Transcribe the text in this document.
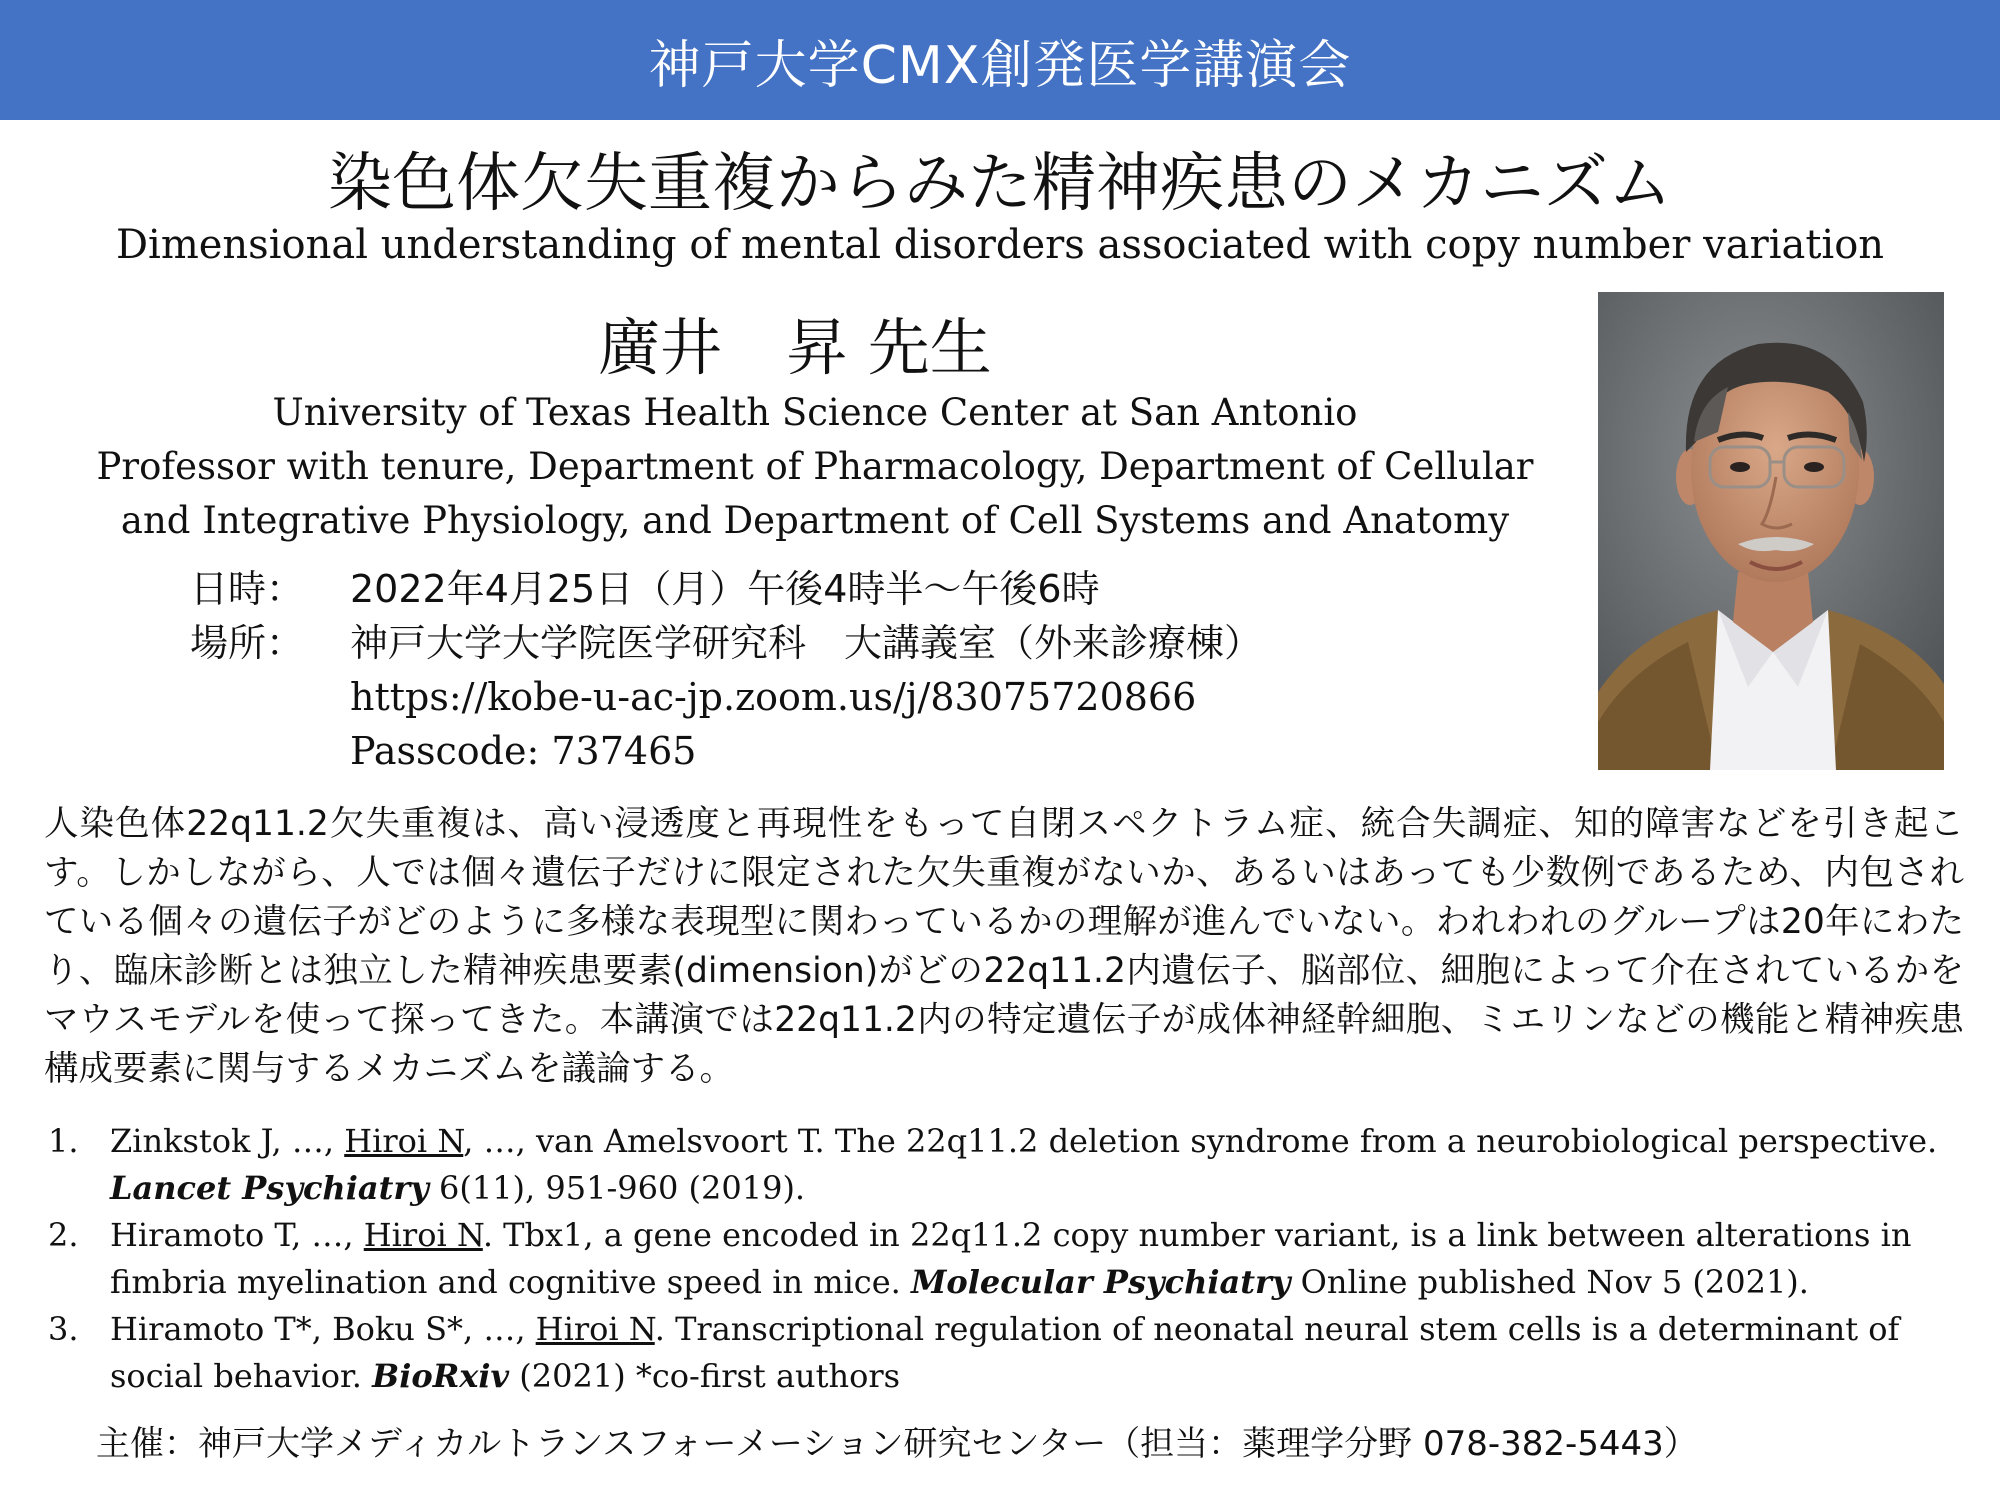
神戸大学CMX創発医学講演会
染色体欠失重複からみた精神疾患のメカニズム
Dimensional understanding of mental disorders associated with copy number variation
廣井 昇 先生
University of Texas Health Science Center at San Antonio
Professor with tenure, Department of Pharmacology, Department of Cellular
and Integrative Physiology, and Department of Cell Systems and Anatomy
日時：	2022年4月25日（月）午後4時半～午後6時
場所：	神戸大学大学院医学研究科　大講義室（外来診療棟）
https://kobe-u-ac-jp.zoom.us/j/83075720866
Passcode: 737465
人染色体22q11.2欠失重複は、高い浸透度と再現性をもって自閉スペクトラム症、統合失調症、知的障害などを引き起こす。しかしながら、人では個々遺伝子だけに限定された欠失重複がないか、あるいはあっても少数例であるため、内包されている個々の遺伝子がどのように多様な表現型に関わっているかの理解が進んでいない。われわれのグループは20年にわたり、臨床診断とは独立した精神疾患要素(dimension)がどの22q11.2内遺伝子、脳部位、細胞によって介在されているかをマウスモデルを使って探ってきた。本講演では22q11.2内の特定遺伝子が成体神経幹細胞、ミエリンなどの機能と精神疾患構成要素に関与するメカニズムを議論する。
1. Zinkstok J, …, Hiroi N, …, van Amelsvoort T. The 22q11.2 deletion syndrome from a neurobiological perspective. Lancet Psychiatry 6(11), 951-960 (2019).
2. Hiramoto T, …, Hiroi N. Tbx1, a gene encoded in 22q11.2 copy number variant, is a link between alterations in fimbria myelination and cognitive speed in mice. Molecular Psychiatry Online published Nov 5 (2021).
3. Hiramoto T*, Boku S*, …, Hiroi N. Transcriptional regulation of neonatal neural stem cells is a determinant of social behavior. BioRxiv (2021) *co-first authors
主催：神戸大学メディカルトランスフォーメーション研究センター（担当：薬理学分野 078-382-5443）
